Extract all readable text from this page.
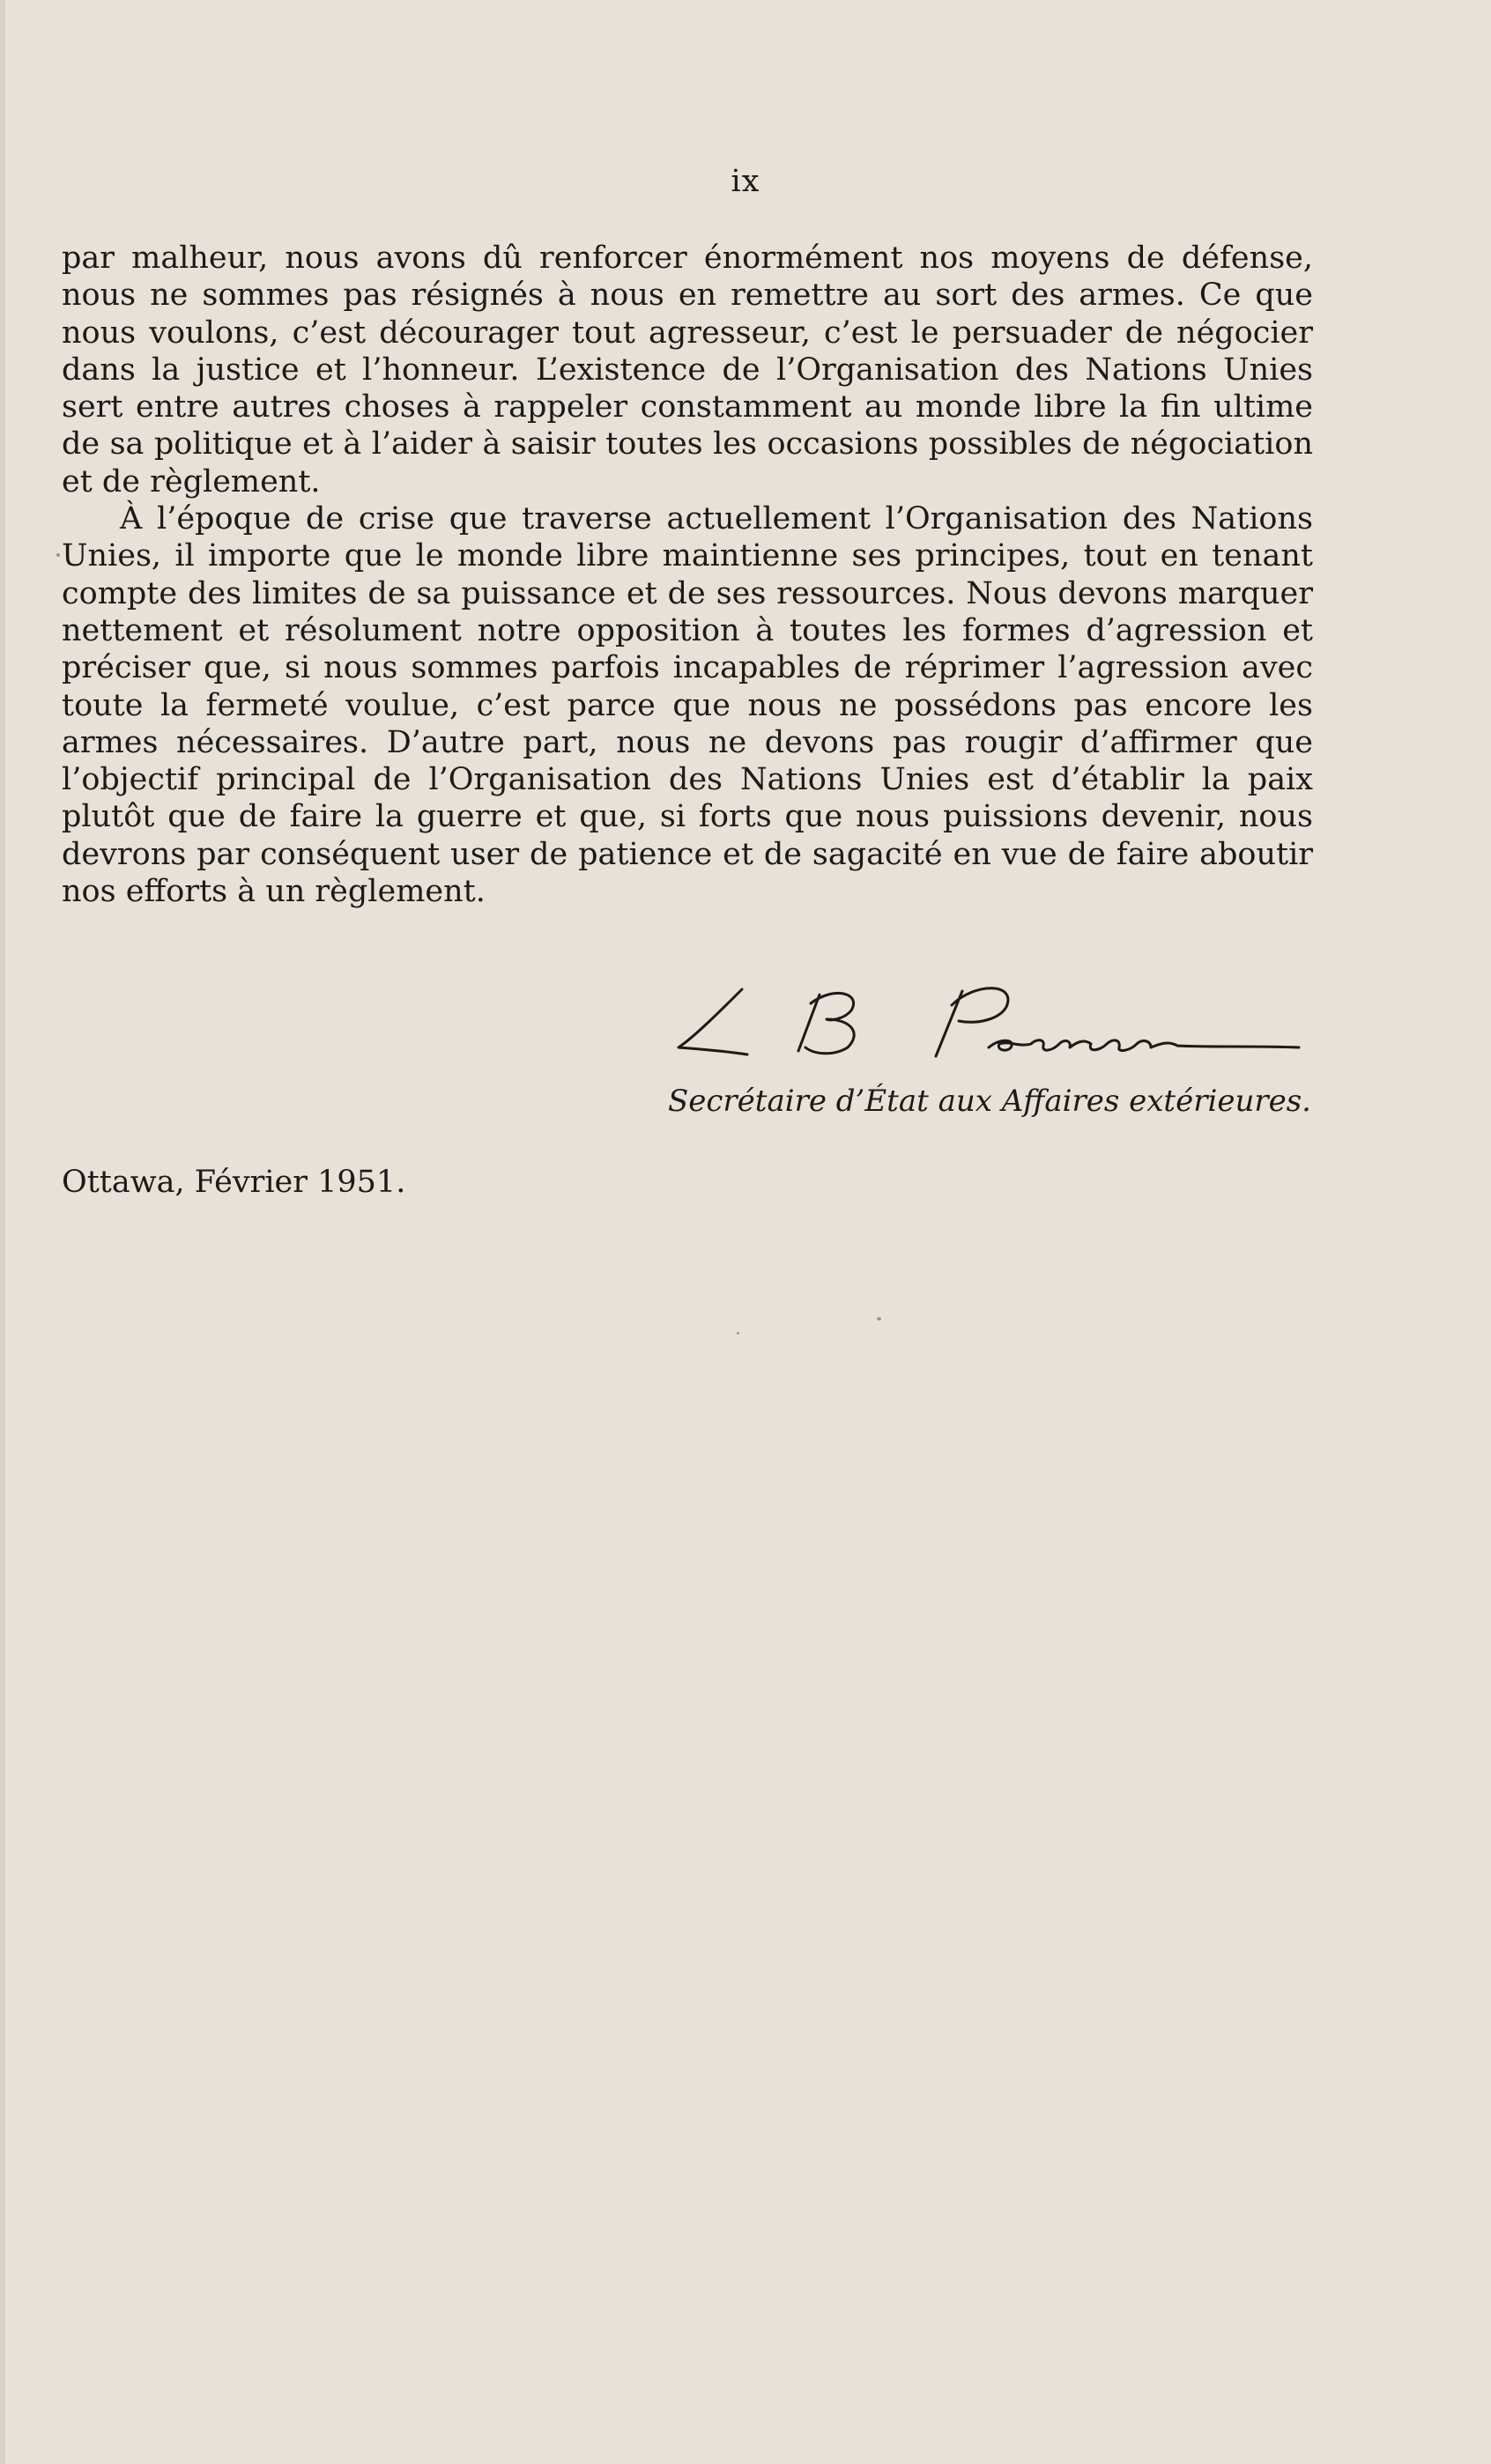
ix

par malheur, nous avons dû renforcer énormément nos moyens de défense, nous ne sommes pas résignés à nous en remettre au sort des armes. Ce que nous voulons, c’est décourager tout agresseur, c’est le persuader de négocier dans la justice et l’honneur. L’existence de l’Organisation des Nations Unies sert entre autres choses à rappeler constamment au monde libre la fin ultime de sa politique et à l’aider à saisir toutes les occasions possibles de négociation et de règlement.

À l’époque de crise que traverse actuellement l’Organisation des Nations Unies, il importe que le monde libre maintienne ses principes, tout en tenant compte des limites de sa puissance et de ses ressources. Nous devons marquer nettement et résolument notre opposition à toutes les formes d’agression et préciser que, si nous sommes parfois incapables de réprimer l’agression avec toute la fermeté voulue, c’est parce que nous ne possédons pas encore les armes nécessaires. D’autre part, nous ne devons pas rougir d’affirmer que l’objectif principal de l’Organisation des Nations Unies est d’établir la paix plutôt que de faire la guerre et que, si forts que nous puissions devenir, nous devrons par conséquent user de patience et de sagacité en vue de faire aboutir nos efforts à un règlement.

Secrétaire d’État aux Affaires extérieures.
Ottawa, Février 1951.
